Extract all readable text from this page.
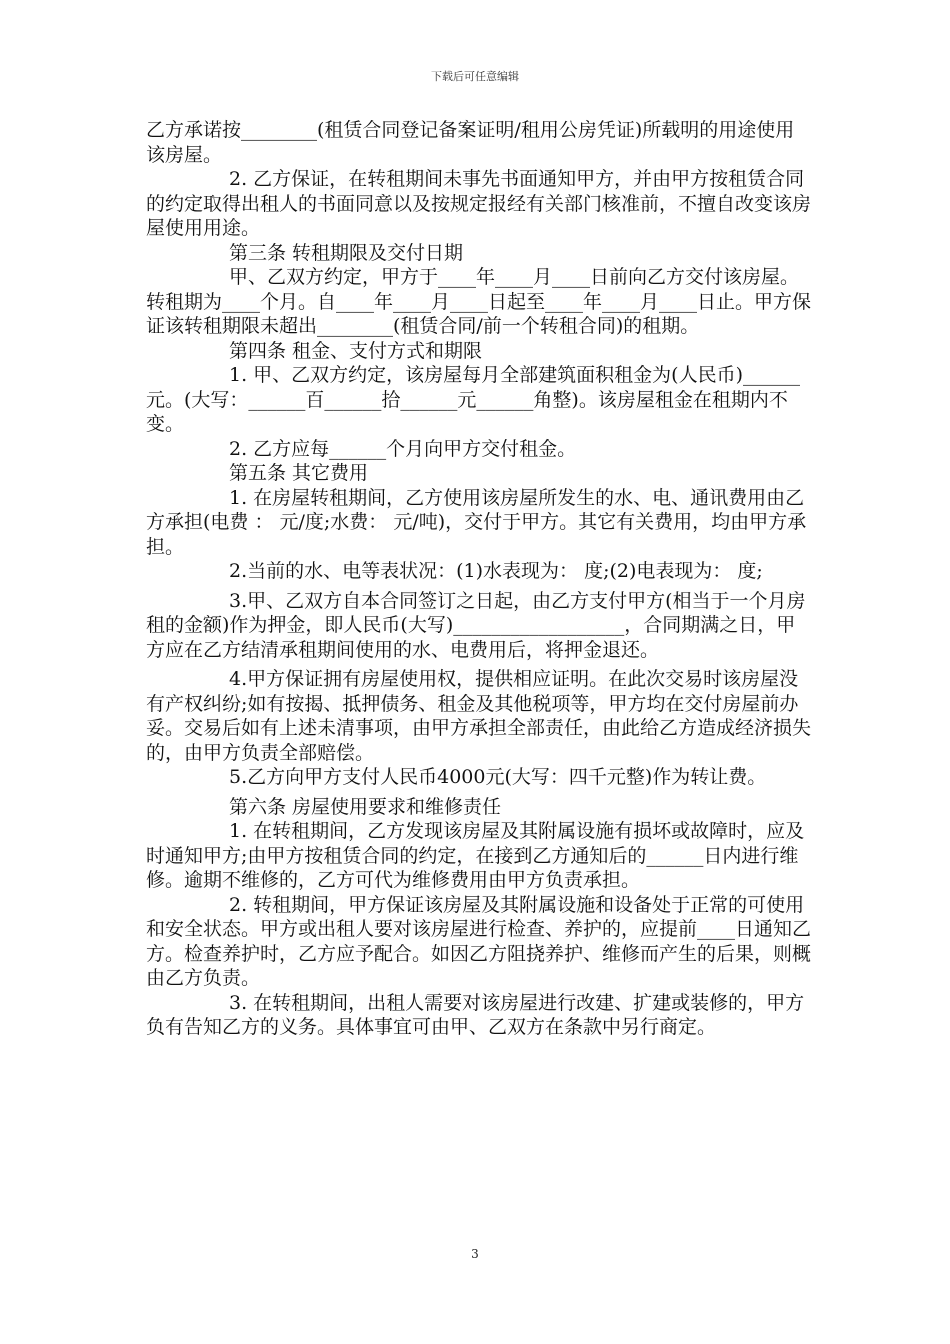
下载后可任意编辑

乙方承诺按________(租赁合同登记备案证明/租用公房凭证)所载明的用途使用该房屋。

2. 乙方保证，在转租期间未事先书面通知甲方，并由甲方按租赁合同的约定取得出租人的书面同意以及按规定报经有关部门核准前，不擅自改变该房屋使用用途。

第三条 转租期限及交付日期

甲、乙双方约定，甲方于____年____月____日前向乙方交付该房屋。转租期为____个月。自____年____月____日起至____年____月____日止。甲方保证该转租期限未超出________(租赁合同/前一个转租合同)的租期。

第四条 租金、支付方式和期限

1. 甲、乙双方约定，该房屋每月全部建筑面积租金为(人民币)______元。(大写：______百______拾______元______角整)。该房屋租金在租期内不变。

2. 乙方应每______个月向甲方交付租金。

第五条 其它费用

1. 在房屋转租期间，乙方使用该房屋所发生的水、电、通讯费用由乙方承担(电费 ： 元/度;水费： 元/吨)，交付于甲方。其它有关费用，均由甲方承担。

2.当前的水、电等表状况：(1)水表现为： 度;(2)电表现为： 度;

3.甲、乙双方自本合同签订之日起，由乙方支付甲方(相当于一个月房租的金额)作为押金，即人民币(大写)__________________，合同期满之日，甲方应在乙方结清承租期间使用的水、电费用后，将押金退还。

4.甲方保证拥有房屋使用权，提供相应证明。在此次交易时该房屋没有产权纠纷;如有按揭、抵押债务、租金及其他税项等，甲方均在交付房屋前办妥。交易后如有上述未清事项，由甲方承担全部责任，由此给乙方造成经济损失的，由甲方负责全部赔偿。

5.乙方向甲方支付人民币4000元(大写：四千元整)作为转让费。

第六条 房屋使用要求和维修责任

1. 在转租期间，乙方发现该房屋及其附属设施有损坏或故障时，应及时通知甲方;由甲方按租赁合同的约定，在接到乙方通知后的______日内进行维修。逾期不维修的，乙方可代为维修费用由甲方负责承担。

2. 转租期间，甲方保证该房屋及其附属设施和设备处于正常的可使用和安全状态。甲方或出租人要对该房屋进行检查、养护的，应提前____日通知乙方。检查养护时，乙方应予配合。如因乙方阻挠养护、维修而产生的后果，则概由乙方负责。

3. 在转租期间，出租人需要对该房屋进行改建、扩建或装修的，甲方负有告知乙方的义务。具体事宜可由甲、乙双方在条款中另行商定。

3
